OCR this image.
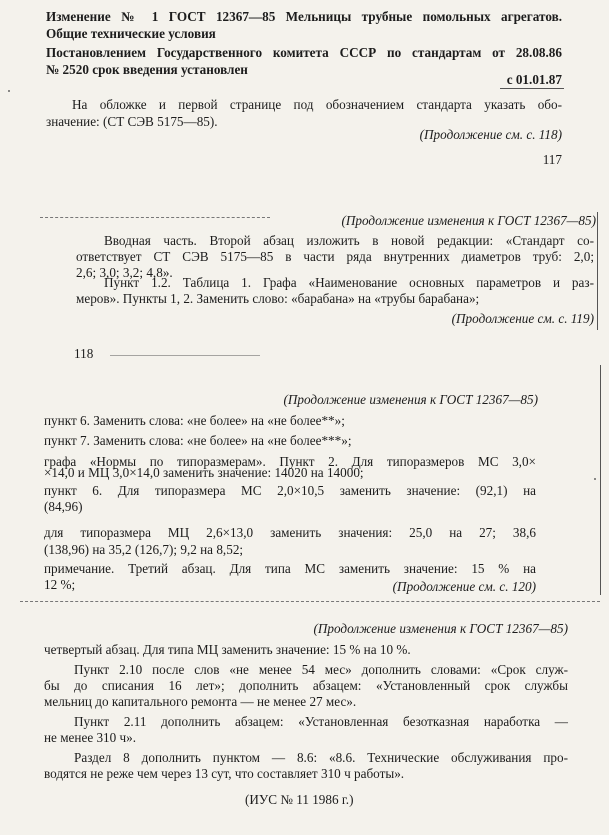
Изменение № 1 ГОСТ 12367—85 Мельницы трубные помольных агрегатов.
Общие технические условия
Постановлением Государственного комитета СССР по стандартам от 28.08.86
№ 2520 срок введения установлен
с 01.01.87
На обложке и первой странице под обозначением стандарта указать обо-
значение: (СТ СЭВ 5175—85).
(Продолжение см. с. 118)
117
(Продолжение изменения к ГОСТ 12367—85)
Вводная часть. Второй абзац изложить в новой редакции: «Стандарт со-
ответствует СТ СЭВ 5175—85 в части ряда внутренних диаметров труб: 2,0;
2,6; 3,0; 3,2; 4,8».
Пункт 1.2. Таблица 1. Графа «Наименование основных параметров и раз-
меров». Пункты 1, 2. Заменить слово: «барабана» на «трубы барабана»;
(Продолжение см. с. 119)
118
(Продолжение изменения к ГОСТ 12367—85)
пункт 6. Заменить слова: «не более» на «не более**»;
пункт 7. Заменить слова: «не более» на «не более***»;
графа «Нормы по типоразмерам». Пункт 2. Для типоразмеров МС 3,0×
×14,0 и МЦ 3,0×14,0 заменить значение: 14020 на 14000;
пункт 6. Для типоразмера МС 2,0×10,5 заменить значение: (92,1) на
(84,96)
для типоразмера МЦ 2,6×13,0 заменить значения: 25,0 на 27; 38,6
(138,96) на 35,2 (126,7); 9,2 на 8,52;
примечание. Третий абзац. Для типа МС заменить значение: 15 % на
12 %;	(Продолжение см. с. 120)
(Продолжение изменения к ГОСТ 12367—85)
четвертый абзац. Для типа МЦ заменить значение: 15 % на 10 %.
Пункт 2.10 после слов «не менее 54 мес» дополнить словами: «Срок служ-
бы до списания 16 лет»; дополнить абзацем: «Установленный срок службы
мельниц до капитального ремонта — не менее 27 мес».
Пункт 2.11 дополнить абзацем: «Установленная безотказная наработка —
не менее 310 ч».
Раздел 8 дополнить пунктом — 8.6: «8.6. Технические обслуживания про-
водятся не реже чем через 13 сут, что составляет 310 ч работы».
(ИУС № 11 1986 г.)
